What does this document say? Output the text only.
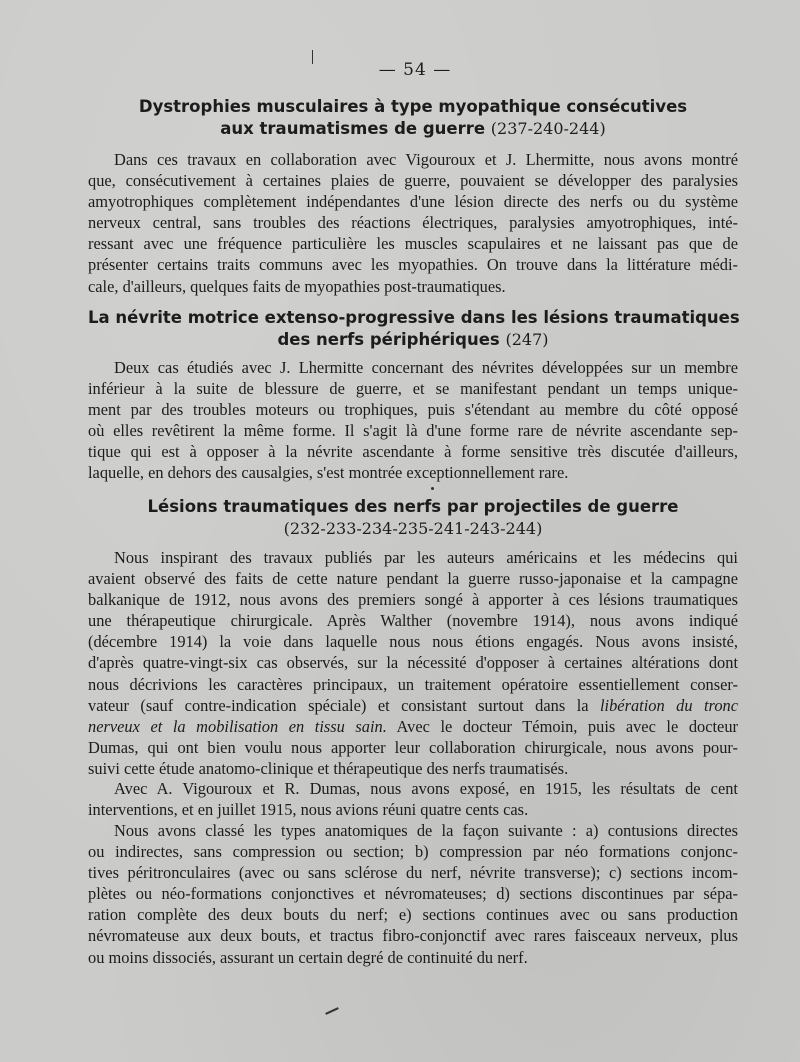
— 54 —
Dystrophies musculaires à type myopathique consécutives
aux traumatismes de guerre (237-240-244)
Dans ces travaux en collaboration avec Vigouroux et J. Lhermitte, nous avons montré
que, consécutivement à certaines plaies de guerre, pouvaient se développer des paralysies
amyotrophiques complètement indépendantes d'une lésion directe des nerfs ou du système
nerveux central, sans troubles des réactions électriques, paralysies amyotrophiques, inté-
ressant avec une fréquence particulière les muscles scapulaires et ne laissant pas que de
présenter certains traits communs avec les myopathies. On trouve dans la littérature médi-
cale, d'ailleurs, quelques faits de myopathies post-traumatiques.
La névrite motrice extenso-progressive dans les lésions traumatiques
des nerfs périphériques (247)
Deux cas étudiés avec J. Lhermitte concernant des névrites développées sur un membre
inférieur à la suite de blessure de guerre, et se manifestant pendant un temps unique-
ment par des troubles moteurs ou trophiques, puis s'étendant au membre du côté opposé
où elles revêtirent la même forme. Il s'agit là d'une forme rare de névrite ascendante sep-
tique qui est à opposer à la névrite ascendante à forme sensitive très discutée d'ailleurs,
laquelle, en dehors des causalgies, s'est montrée exceptionnellement rare.
Lésions traumatiques des nerfs par projectiles de guerre
(232-233-234-235-241-243-244)
Nous inspirant des travaux publiés par les auteurs américains et les médecins qui
avaient observé des faits de cette nature pendant la guerre russo-japonaise et la campagne
balkanique de 1912, nous avons des premiers songé à apporter à ces lésions traumatiques
une thérapeutique chirurgicale. Après Walther (novembre 1914), nous avons indiqué
(décembre 1914) la voie dans laquelle nous nous étions engagés. Nous avons insisté,
d'après quatre-vingt-six cas observés, sur la nécessité d'opposer à certaines altérations dont
nous décrivions les caractères principaux, un traitement opératoire essentiellement conser-
vateur (sauf contre-indication spéciale) et consistant surtout dans la libération du tronc
nerveux et la mobilisation en tissu sain. Avec le docteur Témoin, puis avec le docteur
Dumas, qui ont bien voulu nous apporter leur collaboration chirurgicale, nous avons pour-
suivi cette étude anatomo-clinique et thérapeutique des nerfs traumatisés.
Avec A. Vigouroux et R. Dumas, nous avons exposé, en 1915, les résultats de cent
interventions, et en juillet 1915, nous avions réuni quatre cents cas.
Nous avons classé les types anatomiques de la façon suivante : a) contusions directes
ou indirectes, sans compression ou section; b) compression par néo formations conjonc-
tives péritronculaires (avec ou sans sclérose du nerf, névrite transverse); c) sections incom-
plètes ou néo-formations conjonctives et névromateuses; d) sections discontinues par sépa-
ration complète des deux bouts du nerf; e) sections continues avec ou sans production
névromateuse aux deux bouts, et tractus fibro-conjonctif avec rares faisceaux nerveux, plus
ou moins dissociés, assurant un certain degré de continuité du nerf.
